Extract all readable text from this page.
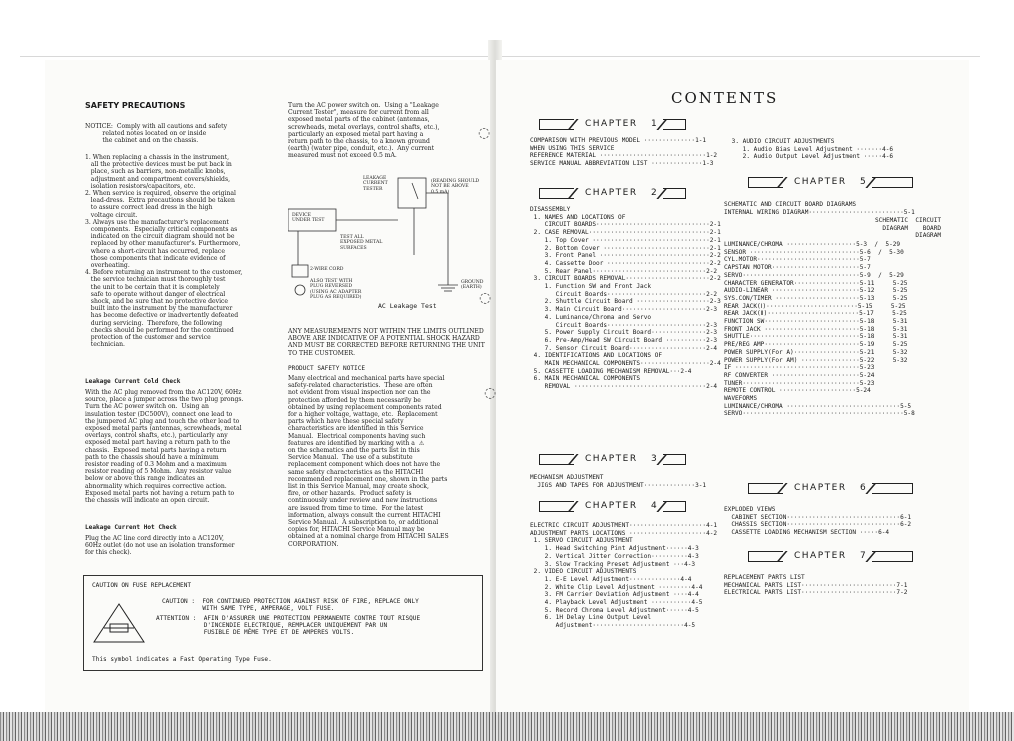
SAFETY PRECAUTIONS
NOTICE:  Comply with all cautions and safety
related notes located on or inside
the cabinet and on the chassis.
1. When replacing a chassis in the instrument,
all the protective devices must be put back in
place, such as barriers, non-metallic knobs,
adjustment and compartment covers/shields,
isolation resistors/capacitors, etc.
2. When service is required, observe the original
lead-dress.  Extra precautions should be taken
to assure correct lead dress in the high
voltage circuit.
3. Always use the manufacturer's replacement
components.  Especially critical components as
indicated on the circuit diagram should not be
replaced by other manufacturer's. Furthermore,
where a short-circuit has occurred, replace
those components that indicate evidence of
overheating.
4. Before returning an instrument to the customer,
the service technician must thoroughly test
the unit to be certain that it is completely
safe to operate without danger of electrical
shock, and be sure that no protective device
built into the instrument by the manufacturer
has become defective or inadvertently defeated
during servicing.  Therefore, the following
checks should be performed for the continued
protection of the customer and service
technician.
Leakage Current Cold Check
With the AC plug removed from the AC120V, 60Hz
source, place a jumper across the two plug prongs.
Turn the AC power switch on.  Using an
insulation tester (DC500V), connect one lead to
the jumpered AC plug and touch the other lead to
exposed metal parts (antennas, screwheads, metal
overlays, control shafts, etc.), particularly any
exposed metal part having a return path to the
chassis.  Exposed metal parts having a return
path to the chassis should have a minimum
resistor reading of 0.3 Mohm and a maximum
resistor reading of 5 Mohm.  Any resistor value
below or above this range indicates an
abnormality which requires corrective action.
Exposed metal parts not having a return path to
the chassis will indicate an open circuit.
Leakage Current Hot Check
Plug the AC line cord directly into a AC120V,
60Hz outlet (do not use an isolation transformer
for this check).
Turn the AC power switch on.  Using a "Leakage
Current Tester", measure for current from all
exposed metal parts of the cabinet (antennas,
screwheads, metal overlays, control shafts, etc.),
particularly an exposed metal part having a
return path to the chassis, to a known ground
(earth) (water pipe, conduit, etc.).  Any current
measured must not exceed 0.5 mA.
LEAKAGE
CURRENT
TESTER
(READING SHOULD
NOT BE ABOVE
0.5 mA)
DEVICE
UNDER TEST
TEST ALL
EXPOSED METAL
SURFACES
2-WIRE CORD
ALSO TEST WITH
PLUG REVERSED
(USING AC ADAPTER
PLUG AS REQUIRED)
GROUND
(EARTH)
AC Leakage Test
ANY MEASUREMENTS NOT WITHIN THE LIMITS OUTLINED
ABOVE ARE INDICATIVE OF A POTENTIAL SHOCK HAZARD
AND MUST BE CORRECTED BEFORE RETURNING THE UNIT
TO THE CUSTOMER.
PRODUCT SAFETY NOTICE
Many electrical and mechanical parts have special
safety-related characteristics.  These are often
not evident from visual inspection nor can the
protection afforded by them necessarily be
obtained by using replacement components rated
for a higher voltage, wattage, etc.  Replacement
parts which have these special safety
characteristics are identified in this Service
Manual.  Electrical components having such
features are identified by marking with a  ⚠
on the schematics and the parts list in this
Service Manual.  The use of a substitute
replacement component which does not have the
same safety characteristics as the HITACHI
recommended replacement one, shown in the parts
list in this Service Manual, may create shock,
fire, or other hazards.  Product safety is
continuously under review and new instructions
are issued from time to time.  For the latest
information, always consult the current HITACHI
Service Manual.  A subscription to, or additional
copies for, HITACHI Service Manual may be
obtained at a nominal charge from HITACHI SALES
CORPORATION.
CAUTION ON FUSE REPLACEMENT
CAUTION :  FOR CONTINUED PROTECTION AGAINST RISK OF FIRE, REPLACE ONLY
WITH SAME TYPE, AMPERAGE, VOLT FUSE.
ATTENTION :  AFIN D'ASSURER UNE PROTECTION PERMANENTE CONTRE TOUT RISQUE
D'INCENDIE ELECTRIQUE, REMPLACER UNIQUEMENT PAR UN
FUSIBLE DE MÊME TYPE ET DE AMPERES VOLTS.
This symbol indicates a Fast Operating Type Fuse.
◌
◌
◌
CONTENTS
CHAPTER 1
COMPARISON WITH PREVIOUS MODEL ··············1-1
WHEN USING THIS SERVICE
REFERENCE MATERIAL ·····························1-2
SERVICE MANUAL ABBREVIATION LIST ··············1-3
CHAPTER 2
DISASSEMBLY
1. NAMES AND LOCATIONS OF
CIRCUIT BOARDS·······························2-1
2. CASE REMOVAL·································2-1
1. Top Cover ································2-1
2. Bottom Cover ·····························2-1
3. Front Panel ······························2-2
4. Cassette Door ····························2-2
5. Rear Panel·······························2-2
3. CIRCUIT BOARDS REMOVAL·······················2-2
1. Function SW and Front Jack
Circuit Boards···························2-2
2. Shuttle Circuit Board ····················2-3
3. Main Circuit Board·······················2-3
4. Luminance/Chroma and Servo
Circuit Boards···························2-3
5. Power Supply Circuit Board···············2-3
6. Pre-Amp/Head SW Circuit Board ···········2-3
7. Sensor Circuit Board·····················2-4
4. IDENTIFICATIONS AND LOCATIONS OF
MAIN MECHANICAL COMPONENTS···················2-4
5. CASSETTE LOADING MECHANISM REMOVAL···2-4
6. MAIN MECHANICAL COMPONENTS
REMOVAL ····································2-4
CHAPTER 3
MECHANISM ADJUSTMENT
JIGS AND TAPES FOR ADJUSTMENT··············3-1
CHAPTER 4
ELECTRIC CIRCUIT ADJUSTMENT·····················4-1
ADJUSTMENT PARTS LOCATIONS ·····················4-2
1. SERVO CIRCUIT ADJUSTMENT
1. Head Switching Pint Adjustment······4-3
2. Vertical Jitter Correction··········4-3
3. Slow Tracking Preset Adjustment ···4-3
2. VIDEO CIRCUIT ADJUSTMENTS
1. E-E Level Adjustment··············4-4
2. White Clip Level Adjustment ·········4-4
3. FM Carrier Deviation Adjustment ····4-4
4. Playback Level Adjustment ···········4-5
5. Record Chroma Level Adjustment······4-5
6. 1H Delay Line Output Level
Adjustment·························4-5
3. AUDIO CIRCUIT ADJUSTMENTS
1. Audio Bias Level Adjustment ·······4-6
2. Audio Output Level Adjustment ·····4-6
CHAPTER 5
SCHEMATIC AND CIRCUIT BOARD DIAGRAMS
INTERNAL WIRING DIAGRAM··························5-1
SCHEMATIC  CIRCUIT
DIAGRAM    BOARD
DIAGRAM
LUMINANCE/CHROMA ···················5-3  /  5-29
SENSOR ······························5-6  /  5-30
CYL.MOTOR····························5-7
CAPSTAN MOTOR························5-7
SERVO································5-9  /  5-29
CHARACTER GENERATOR··················5-11     5-25
AUDIO-LINEAR ························5-12     5-25
SYS.CON/TIMER ·······················5-13     5-25
REAR JACK(Ⅰ)·························5-15     5-25
REAR JACK(Ⅱ)·························5-17     5-25
FUNCTION SW··························5-18     5-31
FRONT JACK ··························5-18     5-31
SHUTTLE······························5-18     5-31
PRE/REG AMP··························5-19     5-25
POWER SUPPLY(For A)··················5-21     5-32
POWER SUPPLY(For AM) ················5-22     5-32
IF ··································5-23
RF CONVERTER ························5-24
TUNER································5-23
REMOTE CONTROL ·····················5-24
WAVEFORMS
LUMINANCE/CHROMA ·······························5-5
SERVO············································5-8
CHAPTER 6
EXPLODED VIEWS
CABINET SECTION·······························6-1
CHASSIS SECTION·······························6-2
CASSETTE LOADING MECHANISM SECTION ·····6-4
CHAPTER 7
REPLACEMENT PARTS LIST
MECHANICAL PARTS LIST··························7-1
ELECTRICAL PARTS LIST··························7-2
